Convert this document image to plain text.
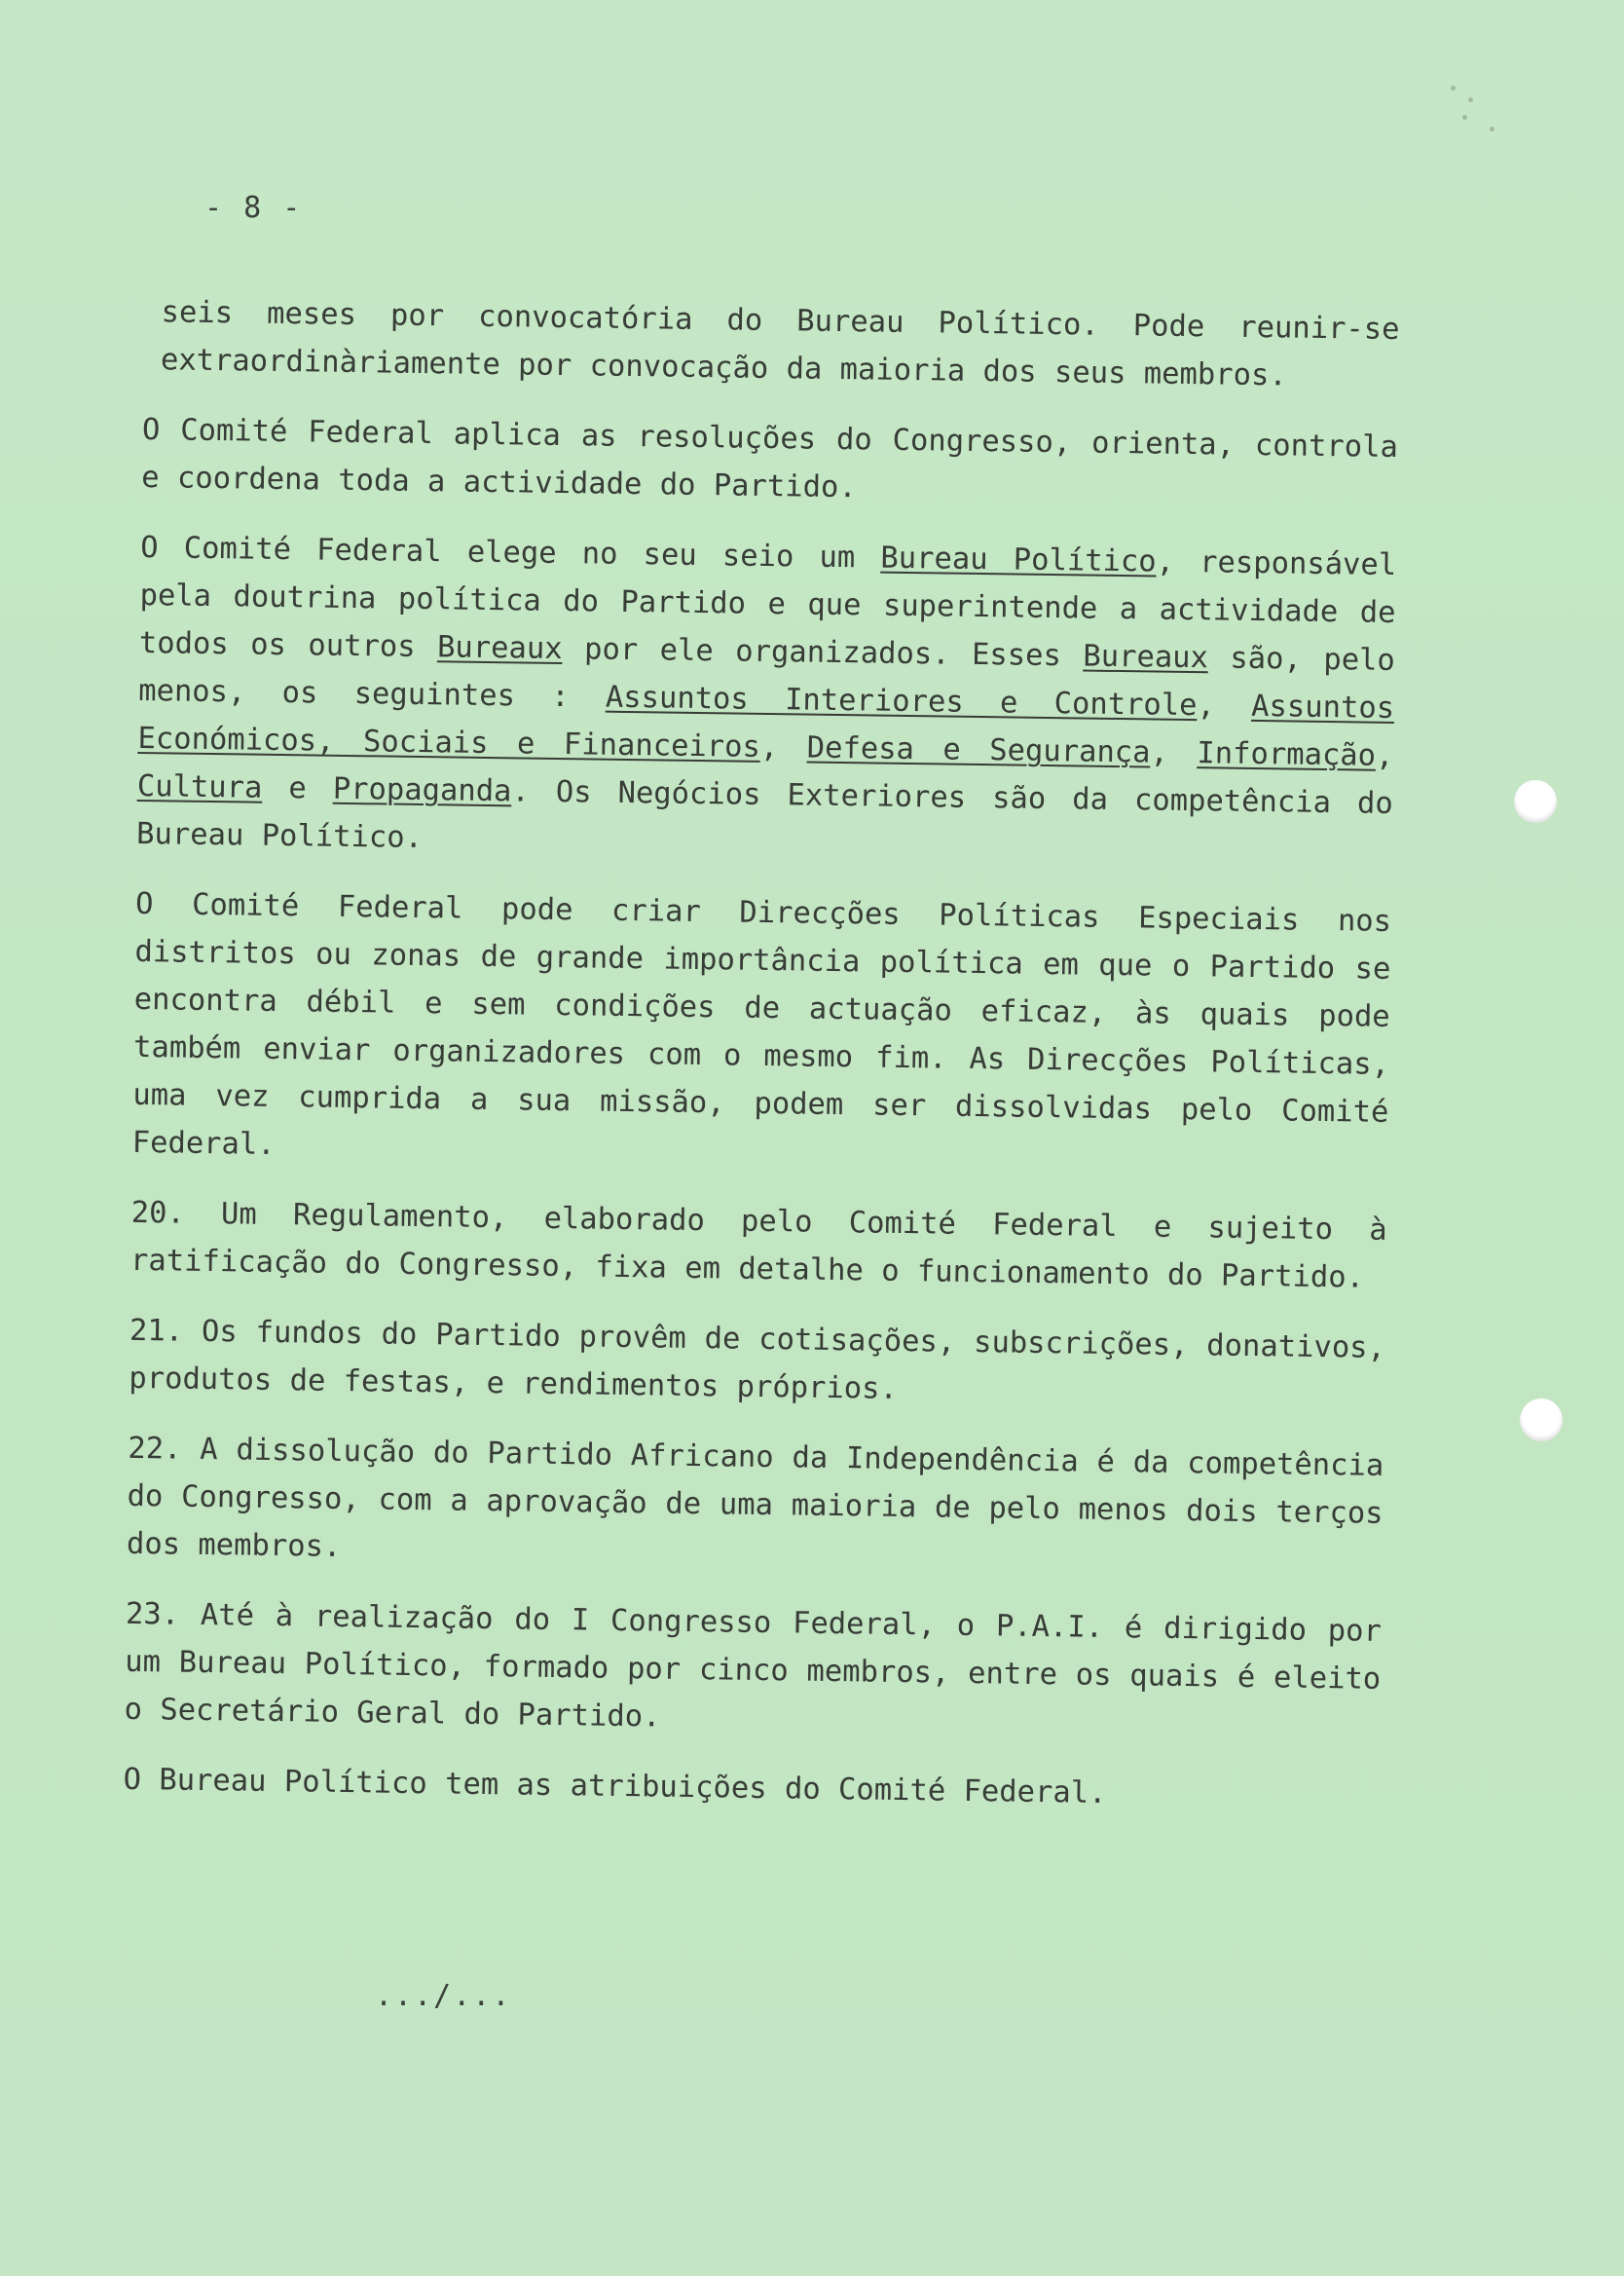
- 8 -

seis meses por convocatória do Bureau Político. Pode reunir-se extraordinàriamente por convocação da maioria dos seus membros.

O Comité Federal aplica as resoluções do Congresso, orienta, controla e coordena toda a actividade do Partido.

O Comité Federal elege no seu seio um Bureau Político, responsável pela doutrina política do Partido e que superintende a actividade de todos os outros Bureaux por ele organizados. Esses Bureaux são, pelo menos, os seguintes : Assuntos Interiores e Controle, Assuntos Económicos, Sociais e Financeiros, Defesa e Segurança, Informação, Cultura e Propaganda. Os Negócios Exteriores são da competência do Bureau Político.

O Comité Federal pode criar Direcções Políticas Especiais nos distritos ou zonas de grande importância política em que o Partido se encontra débil e sem condições de actuação eficaz, às quais pode também enviar organizadores com o mesmo fim. As Direcções Políticas, uma vez cumprida a sua missão, podem ser dissolvidas pelo Comité Federal.

20. Um Regulamento, elaborado pelo Comité Federal e sujeito à ratificação do Congresso, fixa em detalhe o funcionamento do Partido.

21. Os fundos do Partido provêm de cotisações, subscrições, donativos, produtos de festas, e rendimentos próprios.

22. A dissolução do Partido Africano da Independência é da competência do Congresso, com a aprovação de uma maioria de pelo menos dois terços dos membros.

23. Até à realização do I Congresso Federal, o P.A.I. é dirigido por um Bureau Político, formado por cinco membros, entre os quais é eleito o Secretário Geral do Partido.

O Bureau Político tem as atribuições do Comité Federal.

.../...
